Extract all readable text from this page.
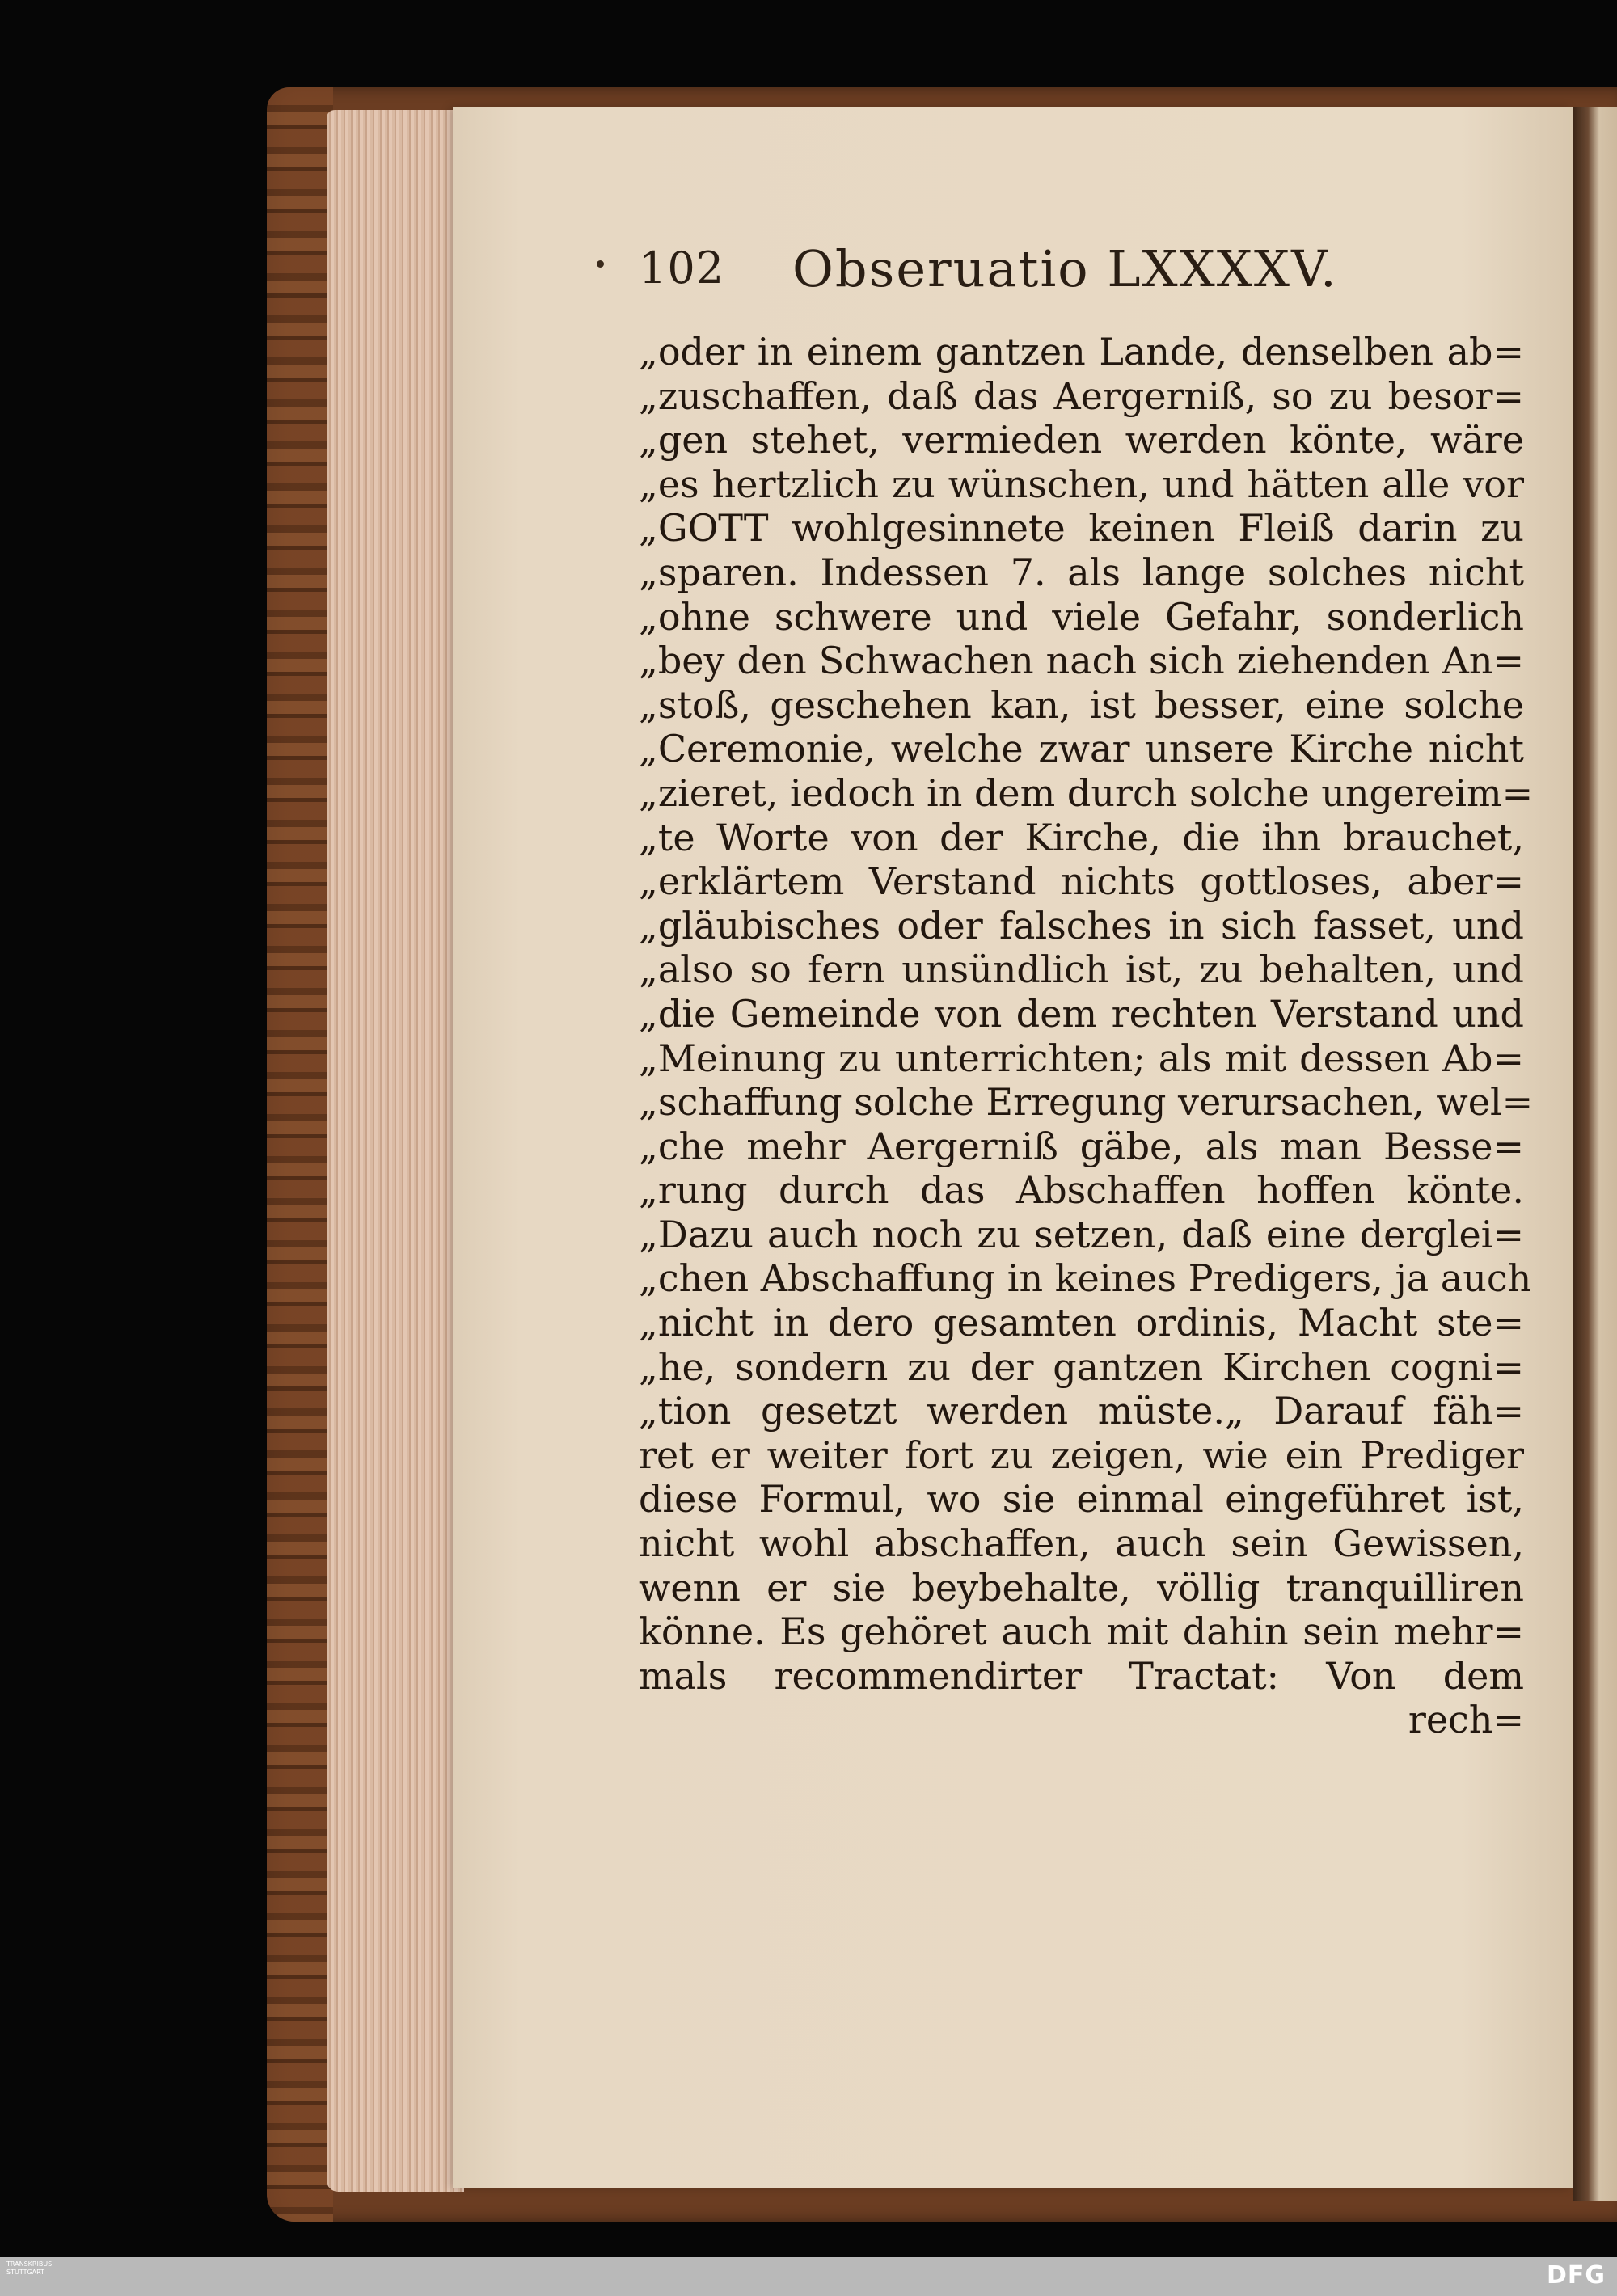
102 Obseruatio LXXXXV.
„oder in einem gantzen Lande, denselben ab=
„zuschaffen, daß das Aergerniß, so zu besor=
„gen stehet, vermieden werden könte, wäre
„es hertzlich zu wünschen, und hätten alle vor
„GOTT wohlgesinnete keinen Fleiß darin zu
„sparen. Indessen 7. als lange solches nicht
„ohne schwere und viele Gefahr, sonderlich
„bey den Schwachen nach sich ziehenden An=
„stoß, geschehen kan, ist besser, eine solche
„Ceremonie, welche zwar unsere Kirche nicht
„zieret, iedoch in dem durch solche ungereim=
„te Worte von der Kirche, die ihn brauchet,
„erklärtem Verstand nichts gottloses, aber=
„gläubisches oder falsches in sich fasset, und
„also so fern unsündlich ist, zu behalten, und
„die Gemeinde von dem rechten Verstand und
„Meinung zu unterrichten; als mit dessen Ab=
„schaffung solche Erregung verursachen, wel=
„che mehr Aergerniß gäbe, als man Besse=
„rung durch das Abschaffen hoffen könte.
„Dazu auch noch zu setzen, daß eine derglei=
„chen Abschaffung in keines Predigers, ja auch
„nicht in dero gesamten ordinis, Macht ste=
„he, sondern zu der gantzen Kirchen cogni=
„tion gesetzt werden müste.„ Darauf fäh=
ret er weiter fort zu zeigen, wie ein Prediger
diese Formul, wo sie einmal eingeführet ist,
nicht wohl abschaffen, auch sein Gewissen,
wenn er sie beybehalte, völlig tranquilliren
könne. Es gehöret auch mit dahin sein mehr=
mals recommendirter Tractat: Von dem
rech=
TRANSKRIBUS STUTTGART	DFG
